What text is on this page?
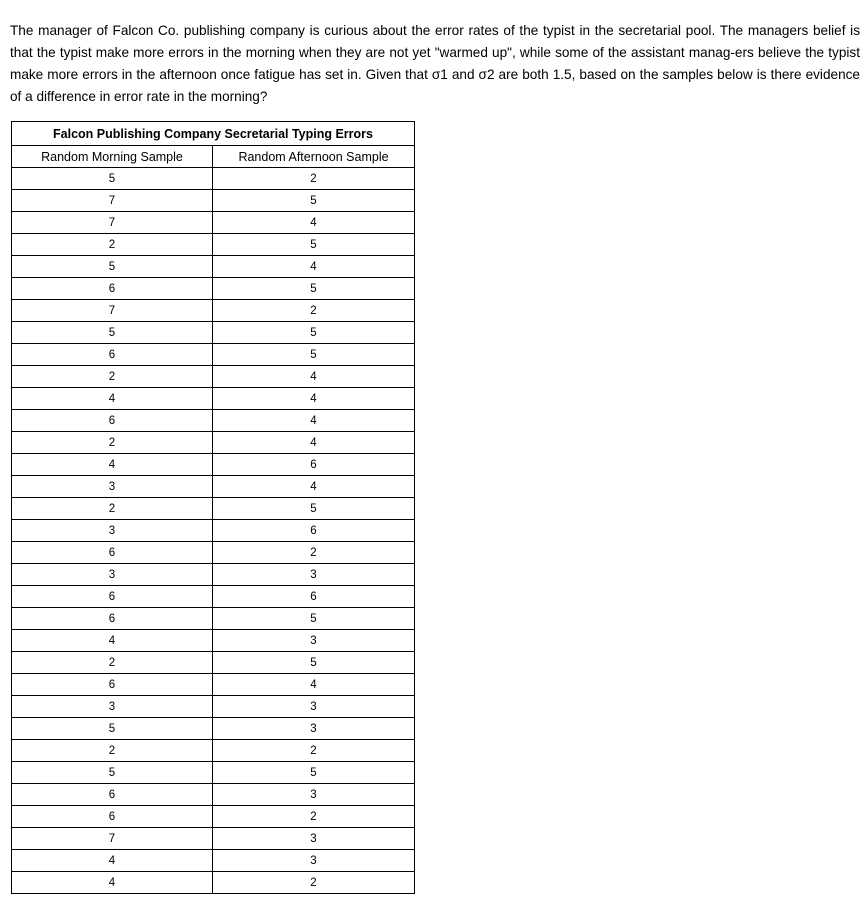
The manager of Falcon Co. publishing company is curious about the error rates of the typist in the secretarial pool. The managers belief is that the typist make more errors in the morning when they are not yet "warmed up", while some of the assistant manag-ers believe the typist make more errors in the afternoon once fatigue has set in. Given that σ1 and σ2 are both 1.5, based on the samples below is there evidence of a difference in error rate in the morning?

Falcon Publishing Company Secretarial Typing Errors	
Random Morning Sample	Random Afternoon Sample
5	2
7	5
7	4
2	5
5	4
6	5
7	2
5	5
6	5
2	4
4	4
6	4
2	4
4	6
3	4
2	5
3	6
6	2
3	3
6	6
6	5
4	3
2	5
6	4
3	3
5	3
2	2
5	5
6	3
6	2
7	3
4	3
4	2
